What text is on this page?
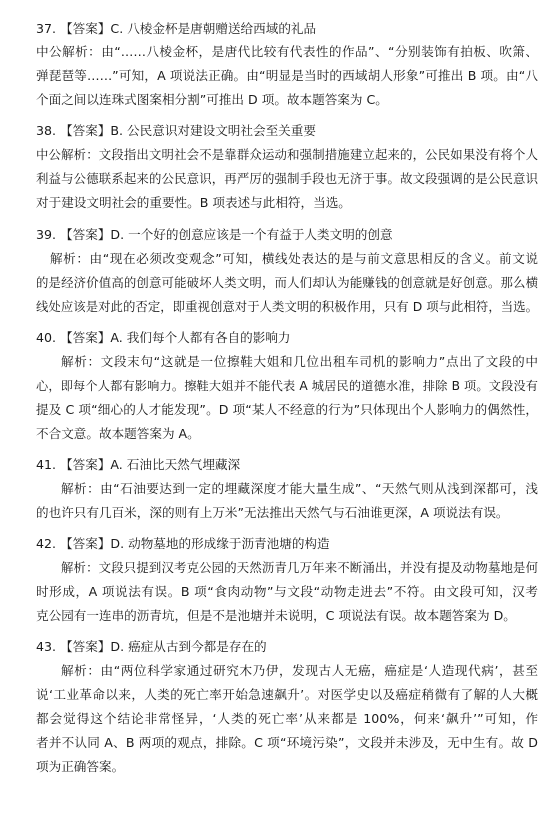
37. 【答案】C. 八棱金杯是唐朝赠送给西域的礼品
中公解析：由“……八棱金杯，是唐代比较有代表性的作品”、“分别装饰有拍板、吹箫、
弹琵琶等……”可知，A 项说法正确。由“明显是当时的西域胡人形象”可推出 B 项。由“八
个面之间以连珠式图案相分割”可推出 D 项。故本题答案为 C。
38. 【答案】B. 公民意识对建设文明社会至关重要
中公解析：文段指出文明社会不是靠群众运动和强制措施建立起来的，公民如果没有将个人
利益与公德联系起来的公民意识，再严厉的强制手段也无济于事。故文段强调的是公民意识
对于建设文明社会的重要性。B 项表述与此相符，当选。
39. 【答案】D. 一个好的创意应该是一个有益于人类文明的创意
解析：由“现在必须改变观念”可知，横线处表达的是与前文意思相反的含义。前文说
的是经济价值高的创意可能破坏人类文明，而人们却认为能赚钱的创意就是好创意。那么横
线处应该是对此的否定，即重视创意对于人类文明的积极作用，只有 D 项与此相符，当选。
40. 【答案】A. 我们每个人都有各自的影响力
解析：文段末句“这就是一位擦鞋大姐和几位出租车司机的影响力”点出了文段的中
心，即每个人都有影响力。擦鞋大姐并不能代表 A 城居民的道德水准，排除 B 项。文段没有
提及 C 项“细心的人才能发现”。D 项“某人不经意的行为”只体现出个人影响力的偶然性，
不合文意。故本题答案为 A。
41. 【答案】A. 石油比天然气埋藏深
解析：由“石油要达到一定的埋藏深度才能大量生成”、“天然气则从浅到深都可，浅
的也许只有几百米，深的则有上万米”无法推出天然气与石油谁更深，A 项说法有误。
42. 【答案】D. 动物墓地的形成缘于沥青池塘的构造
解析：文段只提到汉考克公园的天然沥青几万年来不断涌出，并没有提及动物墓地是何
时形成，A 项说法有误。B 项“食肉动物”与文段“动物走进去”不符。由文段可知，汉考
克公园有一连串的沥青坑，但是不是池塘并未说明，C 项说法有误。故本题答案为 D。
43. 【答案】D. 癌症从古到今都是存在的
解析：由“两位科学家通过研究木乃伊，发现古人无癌，癌症是‘人造现代病’，甚至
说‘工业革命以来，人类的死亡率开始急速飙升’。对医学史以及癌症稍微有了解的人大概
都会觉得这个结论非常怪异，‘人类的死亡率’从来都是 100%，何来‘飙升’”可知，作
者并不认同 A、B 两项的观点，排除。C 项“环境污染”，文段并未涉及，无中生有。故 D
项为正确答案。
